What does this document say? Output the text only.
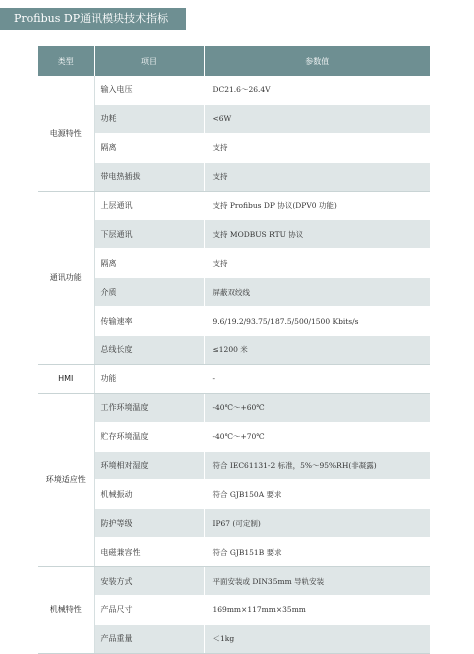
Profibus DP通讯模块技术指标
类型	项目	参数值
电源特性	输入电压	DC21.6～26.4V
	功耗	<6W
	隔离	支持
	带电热插拔	支持
通讯功能	上层通讯	支持 Profibus DP 协议(DPV0 功能)
	下层通讯	支持 MODBUS RTU 协议
	隔离	支持
	介质	屏蔽双绞线
	传输速率	9.6/19.2/93.75/187.5/500/1500 Kbits/s
	总线长度	≤1200 米
HMI	功能	-
环境适应性	工作环境温度	-40℃～+60℃
	贮存环境温度	-40℃～+70℃
	环境相对湿度	符合 IEC61131-2 标准，5%～95%RH(非凝露)
	机械振动	符合 GJB150A 要求
	防护等级	IP67 (可定制)
	电磁兼容性	符合 GJB151B 要求
机械特性	安装方式	平面安装或 DIN35mm 导轨安装
	产品尺寸	169mm×117mm×35mm
	产品重量	＜1kg
